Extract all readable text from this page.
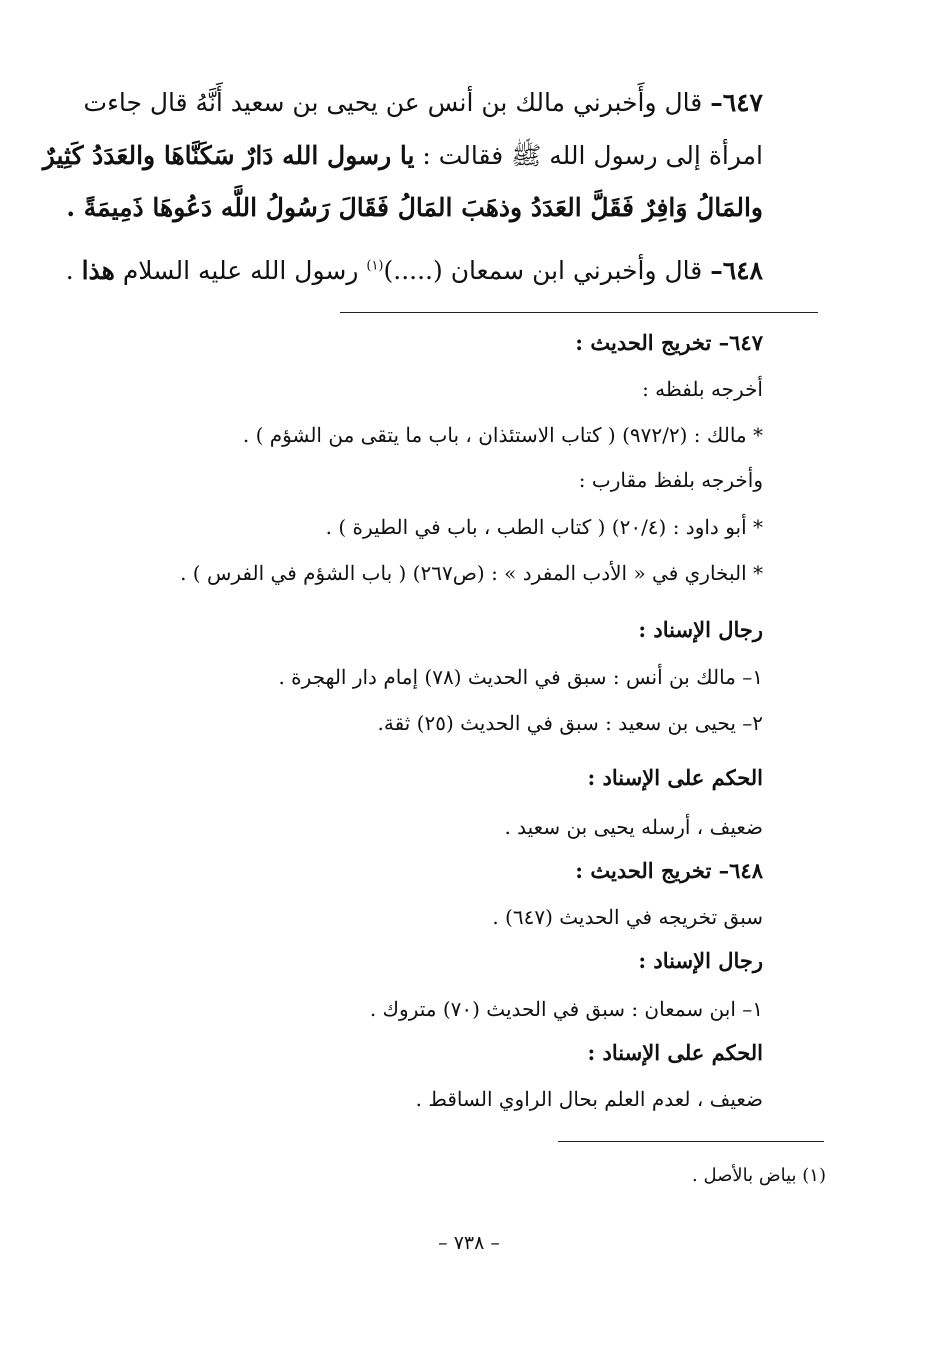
٦٤٧– قال وأَخبرني مالك بن أنس عن يحيى بن سعيد أَنَّهُ قال جاءت
امرأة إلى رسول الله ﷺ فقالت : يا رسول الله دَارٌ سَكَنَّاهَا والعَدَدُ كَثِيرٌ
والمَالُ وَافِرٌ فَقَلَّ العَدَدُ وذهَبَ المَالُ فَقَالَ رَسُولُ اللَّه دَعُوهَا ذَمِيمَةً .
٦٤٨– قال وأخبرني ابن سمعان (.....)$^{(١)}$ رسول الله عليه السلام هذا .
٦٤٧– تخريج الحديث :
أخرجه بلفظه :
* مالك : (٩٧٢/٢) ( كتاب الاستئذان ، باب ما يتقى من الشؤم ) .
وأخرجه بلفظ مقارب :
* أبو داود : (٢٠/٤) ( كتاب الطب ، باب في الطيرة ) .
* البخاري في « الأدب المفرد » : (ص٢٦٧) ( باب الشؤم في الفرس ) .
رجال الإسناد :
١– مالك بن أنس : سبق في الحديث (٧٨) إمام دار الهجرة .
٢– يحيى بن سعيد : سبق في الحديث (٢٥) ثقة.
الحكم على الإسناد :
ضعيف ، أرسله يحيى بن سعيد .
٦٤٨– تخريج الحديث :
سبق تخريجه في الحديث (٦٤٧) .
رجال الإسناد :
١– ابن سمعان : سبق في الحديث (٧٠) متروك .
الحكم على الإسناد :
ضعيف ، لعدم العلم بحال الراوي الساقط .
(١) بياض بالأصل .
– ٧٣٨ –
